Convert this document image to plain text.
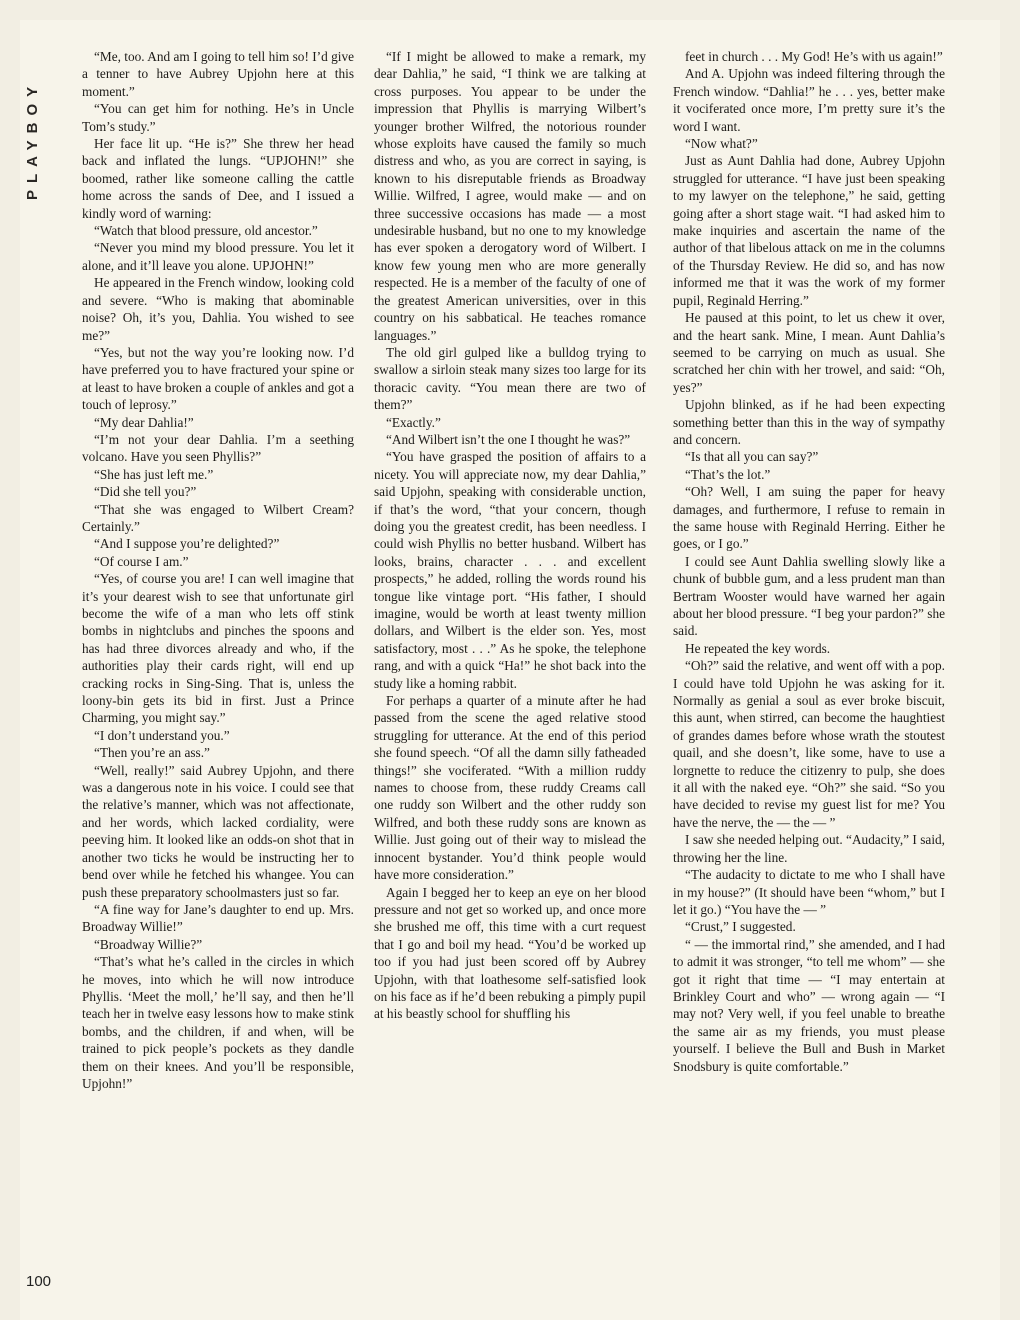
PLAYBOY
100

“Me, too. And am I going to tell him so! I’d give a tenner to have Aubrey Upjohn here at this moment.”

“You can get him for nothing. He’s in Uncle Tom’s study.”

Her face lit up. “He is?” She threw her head back and inflated the lungs. “UPJOHN!” she boomed, rather like someone calling the cattle home across the sands of Dee, and I issued a kindly word of warning:

“Watch that blood pressure, old ancestor.”

“Never you mind my blood pressure. You let it alone, and it’ll leave you alone. UPJOHN!”

He appeared in the French window, looking cold and severe. “Who is making that abominable noise? Oh, it’s you, Dahlia. You wished to see me?”

“Yes, but not the way you’re looking now. I’d have preferred you to have fractured your spine or at least to have broken a couple of ankles and got a touch of leprosy.”

“My dear Dahlia!”

“I’m not your dear Dahlia. I’m a seething volcano. Have you seen Phyllis?”

“She has just left me.”

“Did she tell you?”

“That she was engaged to Wilbert Cream? Certainly.”

“And I suppose you’re delighted?”

“Of course I am.”

“Yes, of course you are! I can well imagine that it’s your dearest wish to see that unfortunate girl become the wife of a man who lets off stink bombs in nightclubs and pinches the spoons and has had three divorces already and who, if the authorities play their cards right, will end up cracking rocks in Sing-Sing. That is, unless the loony-bin gets its bid in first. Just a Prince Charming, you might say.”

“I don’t understand you.”

“Then you’re an ass.”

“Well, really!” said Aubrey Upjohn, and there was a dangerous note in his voice. I could see that the relative’s manner, which was not affectionate, and her words, which lacked cordiality, were peeving him. It looked like an odds-on shot that in another two ticks he would be instructing her to bend over while he fetched his whangee. You can push these preparatory schoolmasters just so far.

“A fine way for Jane’s daughter to end up. Mrs. Broadway Willie!”

“Broadway Willie?”

“That’s what he’s called in the circles in which he moves, into which he will now introduce Phyllis. ‘Meet the moll,’ he’ll say, and then he’ll teach her in twelve easy lessons how to make stink bombs, and the children, if and when, will be trained to pick people’s pockets as they dandle them on their knees. And you’ll be responsible, Upjohn!”

“If I might be allowed to make a remark, my dear Dahlia,” he said, “I think we are talking at cross purposes. You appear to be under the impression that Phyllis is marrying Wilbert’s younger brother Wilfred, the notorious rounder whose exploits have caused the family so much distress and who, as you are correct in saying, is known to his disreputable friends as Broadway Willie. Wilfred, I agree, would make — and on three successive occasions has made — a most undesirable husband, but no one to my knowledge has ever spoken a derogatory word of Wilbert. I know few young men who are more generally respected. He is a member of the faculty of one of the greatest American universities, over in this country on his sabbatical. He teaches romance languages.”

The old girl gulped like a bulldog trying to swallow a sirloin steak many sizes too large for its thoracic cavity. “You mean there are two of them?”

“Exactly.”

“And Wilbert isn’t the one I thought he was?”

“You have grasped the position of affairs to a nicety. You will appreciate now, my dear Dahlia,” said Upjohn, speaking with considerable unction, if that’s the word, “that your concern, though doing you the greatest credit, has been needless. I could wish Phyllis no better husband. Wilbert has looks, brains, character . . . and excellent prospects,” he added, rolling the words round his tongue like vintage port. “His father, I should imagine, would be worth at least twenty million dollars, and Wilbert is the elder son. Yes, most satisfactory, most . . .” As he spoke, the telephone rang, and with a quick “Ha!” he shot back into the study like a homing rabbit.

For perhaps a quarter of a minute after he had passed from the scene the aged relative stood struggling for utterance. At the end of this period she found speech. “Of all the damn silly fatheaded things!” she vociferated. “With a million ruddy names to choose from, these ruddy Creams call one ruddy son Wilbert and the other ruddy son Wilfred, and both these ruddy sons are known as Willie. Just going out of their way to mislead the innocent bystander. You’d think people would have more consideration.”

Again I begged her to keep an eye on her blood pressure and not get so worked up, and once more she brushed me off, this time with a curt request that I go and boil my head. “You’d be worked up too if you had just been scored off by Aubrey Upjohn, with that loathesome self-satisfied look on his face as if he’d been rebuking a pimply pupil at his beastly school for shuffling his

feet in church . . . My God! He’s with us again!”

And A. Upjohn was indeed filtering through the French window. “Dahlia!” he . . . yes, better make it vociferated once more, I’m pretty sure it’s the word I want.

“Now what?”

Just as Aunt Dahlia had done, Aubrey Upjohn struggled for utterance. “I have just been speaking to my lawyer on the telephone,” he said, getting going after a short stage wait. “I had asked him to make inquiries and ascertain the name of the author of that libelous attack on me in the columns of the Thursday Review. He did so, and has now informed me that it was the work of my former pupil, Reginald Herring.”

He paused at this point, to let us chew it over, and the heart sank. Mine, I mean. Aunt Dahlia’s seemed to be carrying on much as usual. She scratched her chin with her trowel, and said: “Oh, yes?”

Upjohn blinked, as if he had been expecting something better than this in the way of sympathy and concern.

“Is that all you can say?”

“That’s the lot.”

“Oh? Well, I am suing the paper for heavy damages, and furthermore, I refuse to remain in the same house with Reginald Herring. Either he goes, or I go.”

I could see Aunt Dahlia swelling slowly like a chunk of bubble gum, and a less prudent man than Bertram Wooster would have warned her again about her blood pressure. “I beg your pardon?” she said.

He repeated the key words.

“Oh?” said the relative, and went off with a pop. I could have told Upjohn he was asking for it. Normally as genial a soul as ever broke biscuit, this aunt, when stirred, can become the haughtiest of grandes dames before whose wrath the stoutest quail, and she doesn’t, like some, have to use a lorgnette to reduce the citizenry to pulp, she does it all with the naked eye. “Oh?” she said. “So you have decided to revise my guest list for me? You have the nerve, the — the — ”

I saw she needed helping out. “Audacity,” I said, throwing her the line.

“The audacity to dictate to me who I shall have in my house?” (It should have been “whom,” but I let it go.) “You have the — ”

“Crust,” I suggested.

“ — the immortal rind,” she amended, and I had to admit it was stronger, “to tell me whom” — she got it right that time — “I may entertain at Brinkley Court and who” — wrong again — “I may not? Very well, if you feel unable to breathe the same air as my friends, you must please yourself. I believe the Bull and Bush in Market Snodsbury is quite comfortable.”
